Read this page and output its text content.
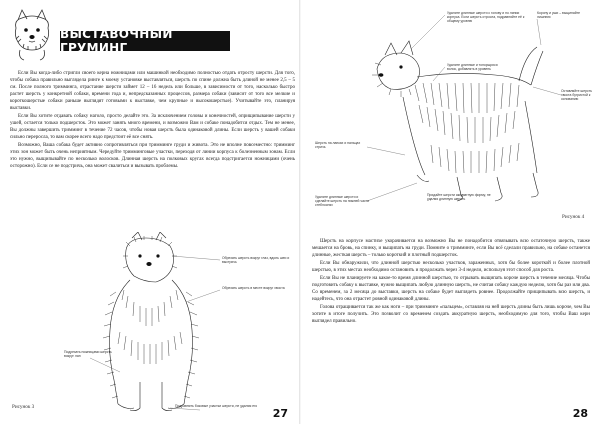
ВЫСТАВОЧНЫЙ ГРУМИНГ

Если Вы когда-либо стригли своего керна ножницами или машинкой необходимо полностью отдать отросту шерсти. Для того, чтобы собака правильно выглядела ринге к моему установке выставляться, шерсть по спине должна быть длиной не менее 2,5 – 5 см. После полного тримминга, отрастание шерсти займет 12 – 16 недель или больше, в зависимости от того, насколько быстро растет шерсть у конкретной собаки, времени года и, непредсказанных процессов, размера собаки (зависит от того все мелкие и короткошерстые собаки раньше выглядят готовыми к выставке, чем крупные и высокошерстые). Учитывайте это, планируя выставки.

Если Вы хотите отдавать собаку наголо, просто делайте это. За исключением головы и конечностей, оприщипывание шерсти у ушей, остается только подшерсток. Это может занять много времени, и возможно Вам и собаке понадобится отдых. Тем не менее, Вы должны завершить тримминг в течение 72 часов, чтобы новая шерсть была одинаковой длины. Если шерсть у вашей собаки сильно перерослa, то вам скорее всего надо предстоит её все снять.

Возможно, Ваша собака будет активно сопротивляться при тримминге груди и живота. Это не вполне повсеместно: тримминг этих зон может быть очень неприятным. Чередуйте тримминговые участки, переходя от линии корпуса к болезненным зонам. Если это нужно, выщипывайте по несколько волосков. Длинная шерсть на полковых кругах всегда подстригается ножницами (очень осторожно). Если се не подстричь, она может свалиться и вызывать проблемы.

Обрезать шерсть вокруг глаз, вдоль шеи и выстричь
Обрезать шерсть в месте вокруг хвоста
Подрезать ножницами шерсть вокруг лап
Подравнять боковые участки шерсти, не удаляя его
Рисунок 3	27
Удалите длинные шерсти с голову и по линии корпуса. Если шерсть отросла, подравняйте её к общему уровню
Корону и уши – выщипайте лишнюю
Удалите длинные и топорщихся волос, добавлять в уровень
Оставляйте шерсть хвоста бугристой к основанию
Шерсть на лапках и пальцах стричь
Удалите длинные шерсти и сделайте шерсть на нижней части стеблоснях
Придайте шерсти аккуратную форму, не удаляя длинную шерсть
Рисунок 4

Шерсть на корпусе мастихе укорачивается на возможно Вы не понадобится отвязывать всю остаточную шерсть, также мешается на бровь, на спинку, и выщипать на груди. Помните о тримминге, если Вы всё сделали правильно, на собаке останется длинные, жесткая шерсть – только короткий и плотный подшерсток.

Если Вы обнаружили, что длинной шерстью несколько участков, зараженных, хотя бы более короткой и более плотной шерстью, в этих местах необходимо остановить и продолжать через 3-4 недели, используя этот способ для роста.

Если Вы не планируете на какое-то время длинной шерстью, то отрывать выщипать короче шерсть в течение месяца. Чтобы подготовить собаку к выставке, нужно выщипать любую длинную шерсть, не считая собаку каждую неделю, хотя бы раз или два. Со временем, за 2 месяца до выставки, шерсть на собаке будет выглядеть ровнее. Продолжайте прищипывать всю шерсть, и надейтесь, что она отрастет ровной одинаковой длины.

Голова отращивается так же как ноги – при тримминге «пальцем», оставляя на ней шерсть длины быть лишь короче, чем Вы хотите в итоге получить. Это позволит со временем создать аккуратную шерсть, необходимую для того, чтобы Ваш керн выглядел правильно.

28
